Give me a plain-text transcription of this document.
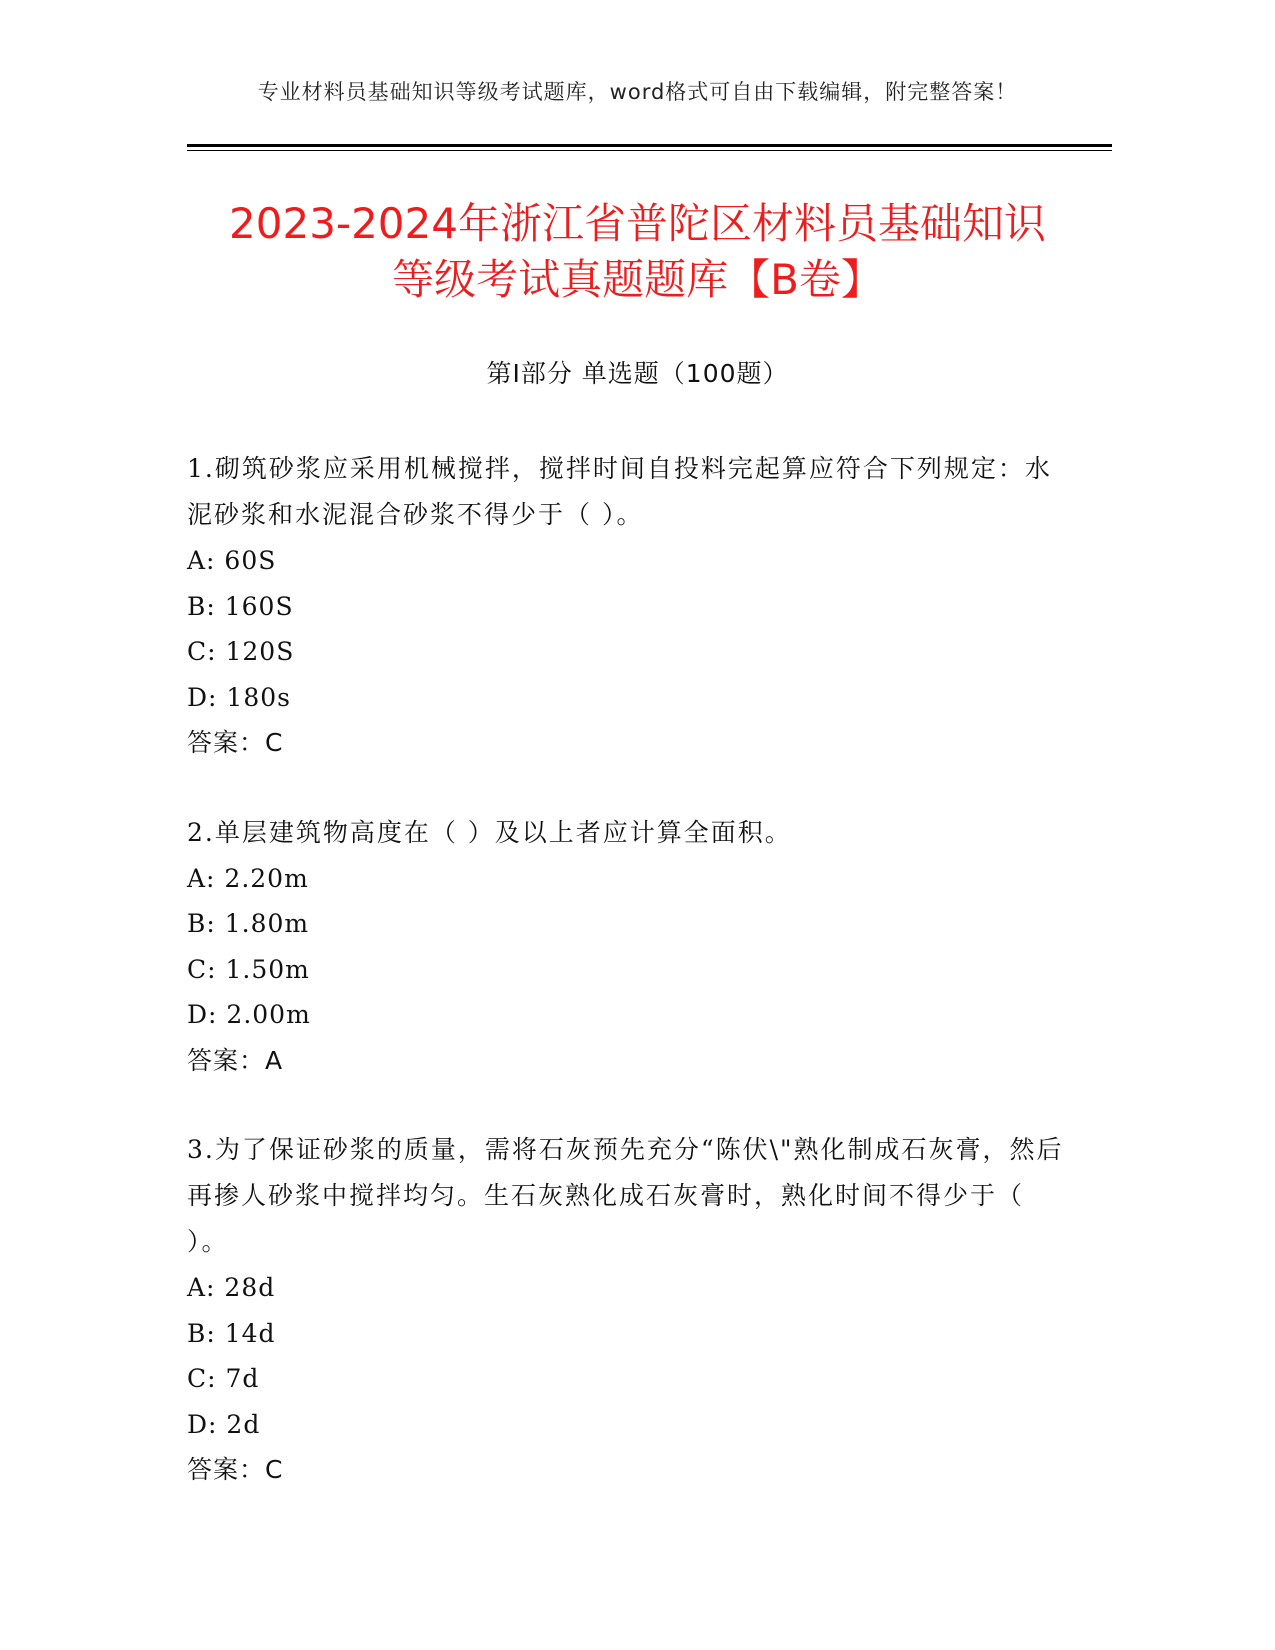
专业材料员基础知识等级考试题库，word格式可自由下载编辑，附完整答案！
2023-2024年浙江省普陀区材料员基础知识
等级考试真题题库【B卷】
第I部分 单选题（100题）
1.砌筑砂浆应采用机械搅拌，搅拌时间自投料完起算应符合下列规定：水泥砂浆和水泥混合砂浆不得少于（ ）。
A: 60S
B: 160S
C: 120S
D: 180s
答案：C
2.单层建筑物高度在（ ）及以上者应计算全面积。
A: 2.20m
B: 1.80m
C: 1.50m
D: 2.00m
答案：A
3.为了保证砂浆的质量，需将石灰预先充分“陈伏\"熟化制成石灰膏，然后再掺人砂浆中搅拌均匀。生石灰熟化成石灰膏时，熟化时间不得少于（ ）。
A: 28d
B: 14d
C: 7d
D: 2d
答案：C
